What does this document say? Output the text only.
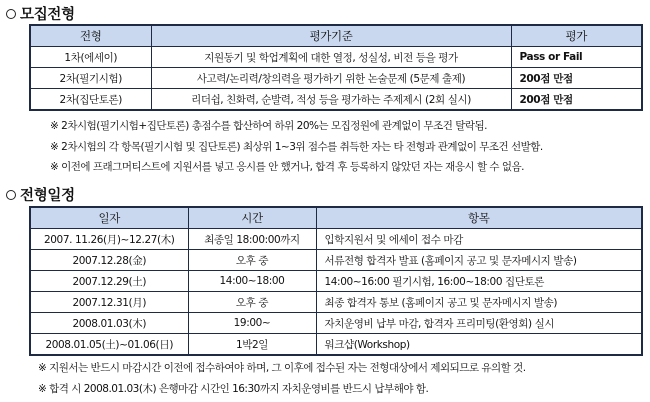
모집전형
전형	평가기준	평가
1차(에세이)	지원동기 및 학업계획에 대한 열정, 성실성, 비전 등을 평가	Pass or Fail
2차(필기시험)	사고력/논리력/창의력을 평가하기 위한 논술문제 (5문제 출제)	200점 만점
2차(집단토론)	리더쉽, 친화력, 순발력, 적성 등을 평가하는 주제제시 (2회 실시)	200점 만점
※ 2차시험(필기시험+집단토론) 총점수를 합산하여 하위 20%는 모집정원에 관계없이 무조건 탈락됨.
※ 2차시험의 각 항목(필기시험 및 집단토론) 최상위 1~3위 점수를 취득한 자는 타 전형과 관계없이 무조건 선발함.
※ 이전에 프래그머티스트에 지원서를 넣고 응시를 안 했거나, 합격 후 등록하지 않았던 자는 재응시 할 수 없음.
전형일정
일자	시간	항목
2007. 11.26(月)~12.27(木)	최종일 18:00:00까지	입학지원서 및 에세이 접수 마감
2007.12.28(金)	오후 중	서류전형 합격자 발표 (홈페이지 공고 및 문자메시지 발송)
2007.12.29(土)	14:00~18:00	14:00~16:00 필기시험, 16:00~18:00 집단토론
2007.12.31(月)	오후 중	최종 합격자 통보 (홈페이지 공고 및 문자메시지 발송)
2008.01.03(木)	19:00~	자치운영비 납부 마감, 합격자 프리미팅(환영회) 실시
2008.01.05(土)~01.06(日)	1박2일	워크샵(Workshop)
※ 지원서는 반드시 마감시간 이전에 접수하여야 하며, 그 이후에 접수된 자는 전형대상에서 제외되므로 유의할 것.
※ 합격 시 2008.01.03(木) 은행마감 시간인 16:30까지 자치운영비를 반드시 납부해야 함.
